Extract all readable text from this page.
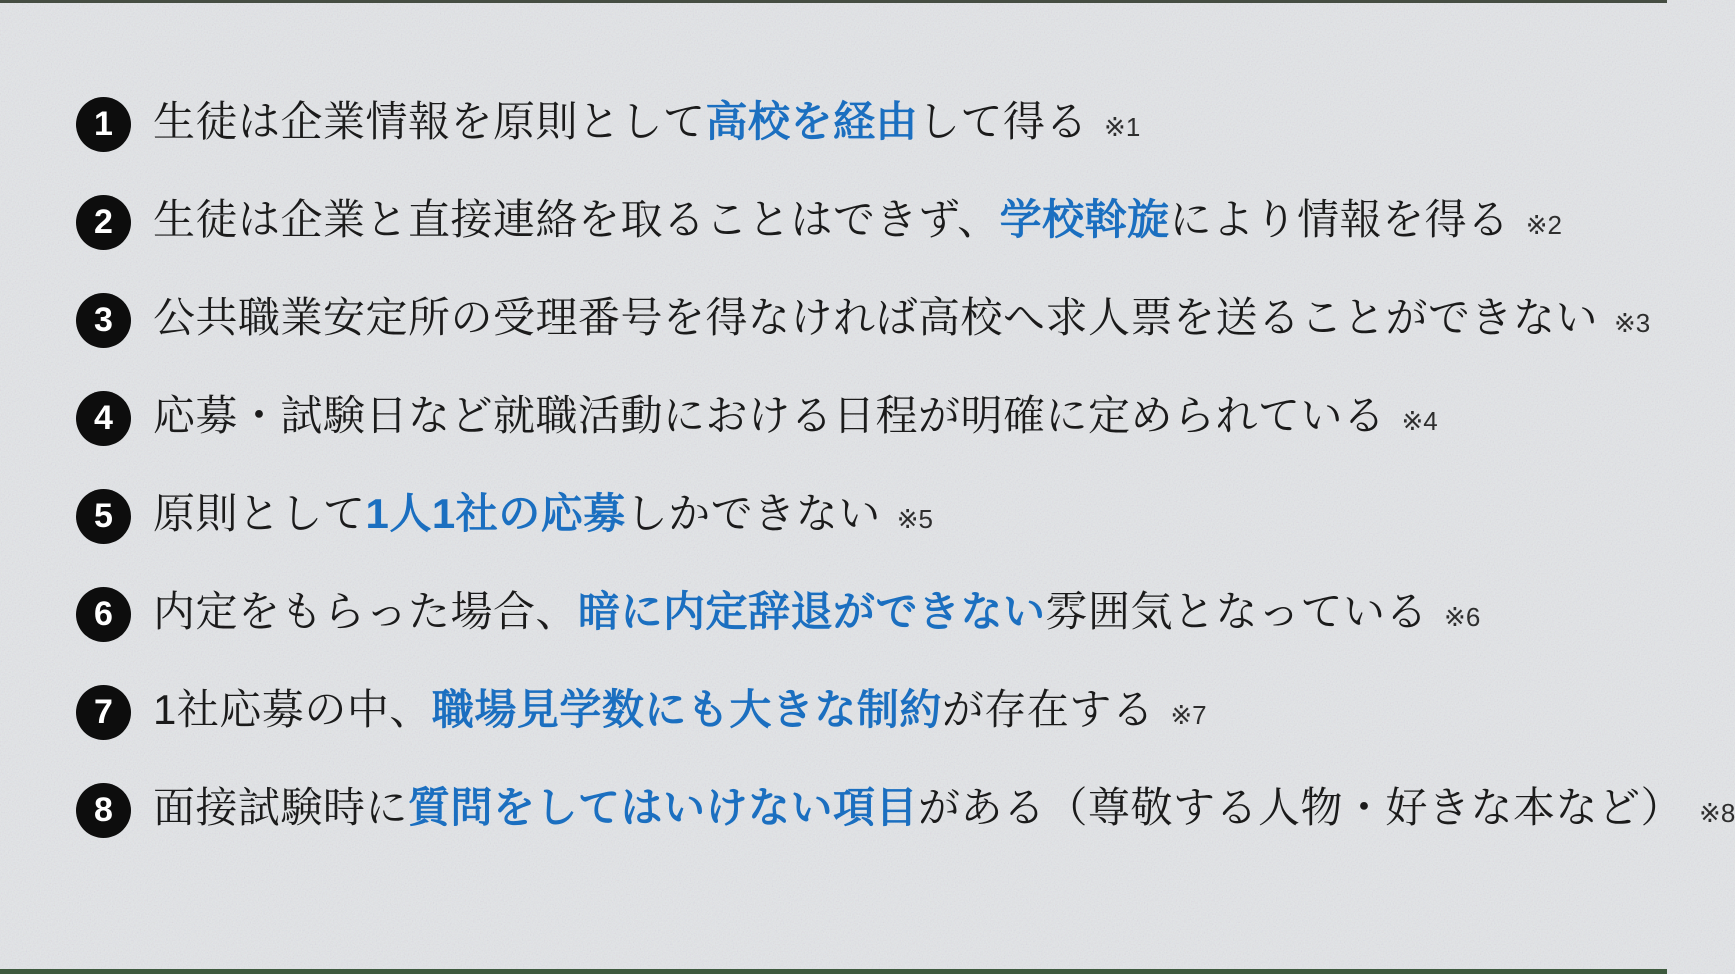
1 生徒は企業情報を原則として高校を経由して得る ※1
2 生徒は企業と直接連絡を取ることはできず、学校斡旋により情報を得る ※2
3 公共職業安定所の受理番号を得なければ高校へ求人票を送ることができない ※3
4 応募・試験日など就職活動における日程が明確に定められている ※4
5 原則として1人1社の応募しかできない ※5
6 内定をもらった場合、暗に内定辞退ができない雰囲気となっている ※6
7 1社応募の中、職場見学数にも大きな制約が存在する ※7
8 面接試験時に質問をしてはいけない項目がある（尊敬する人物・好きな本など） ※8
